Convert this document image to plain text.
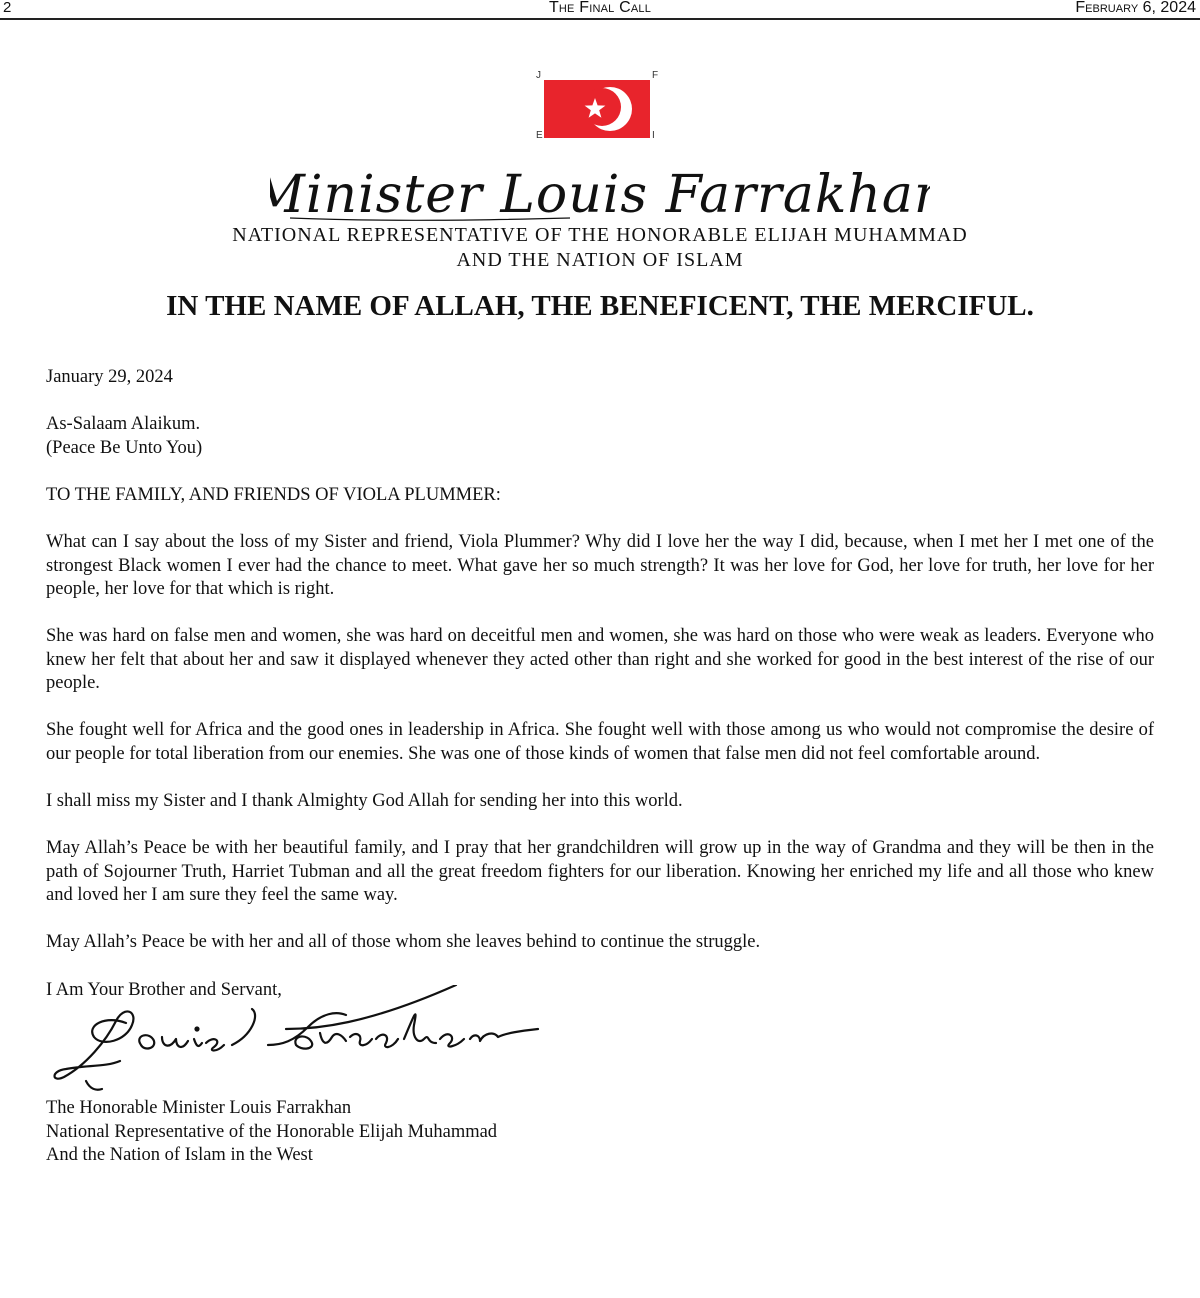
2	The Final Call	February 6, 2024
J	F
E	I
Minister Louis Farrakhan
NATIONAL REPRESENTATIVE OF THE HONORABLE ELIJAH MUHAMMAD
AND THE NATION OF ISLAM
IN THE NAME OF ALLAH, THE BENEFICENT, THE MERCIFUL.
January 29, 2024
As-Salaam Alaikum.
(Peace Be Unto You)
TO THE FAMILY, AND FRIENDS OF VIOLA PLUMMER:
What can I say about the loss of my Sister and friend, Viola Plummer? Why did I love her the way I did, because, when I met her I met one of the strongest Black women I ever had the chance to meet. What gave her so much strength? It was her love for God, her love for truth, her love for her people, her love for that which is right.
She was hard on false men and women, she was hard on deceitful men and women, she was hard on those who were weak as leaders. Everyone who knew her felt that about her and saw it displayed whenever they acted other than right and she worked for good in the best interest of the rise of our people.
She fought well for Africa and the good ones in leadership in Africa. She fought well with those among us who would not compromise the desire of our people for total liberation from our enemies. She was one of those kinds of women that false men did not feel comfortable around.
I shall miss my Sister and I thank Almighty God Allah for sending her into this world.
May Allah’s Peace be with her beautiful family, and I pray that her grandchildren will grow up in the way of Grandma and they will be then in the path of Sojourner Truth, Harriet Tubman and all the great freedom fighters for our liberation. Knowing her enriched my life and all those who knew and loved her I am sure they feel the same way.
May Allah’s Peace be with her and all of those whom she leaves behind to continue the struggle.
I Am Your Brother and Servant,
The Honorable Minister Louis Farrakhan
National Representative of the Honorable Elijah Muhammad
And the Nation of Islam in the West
